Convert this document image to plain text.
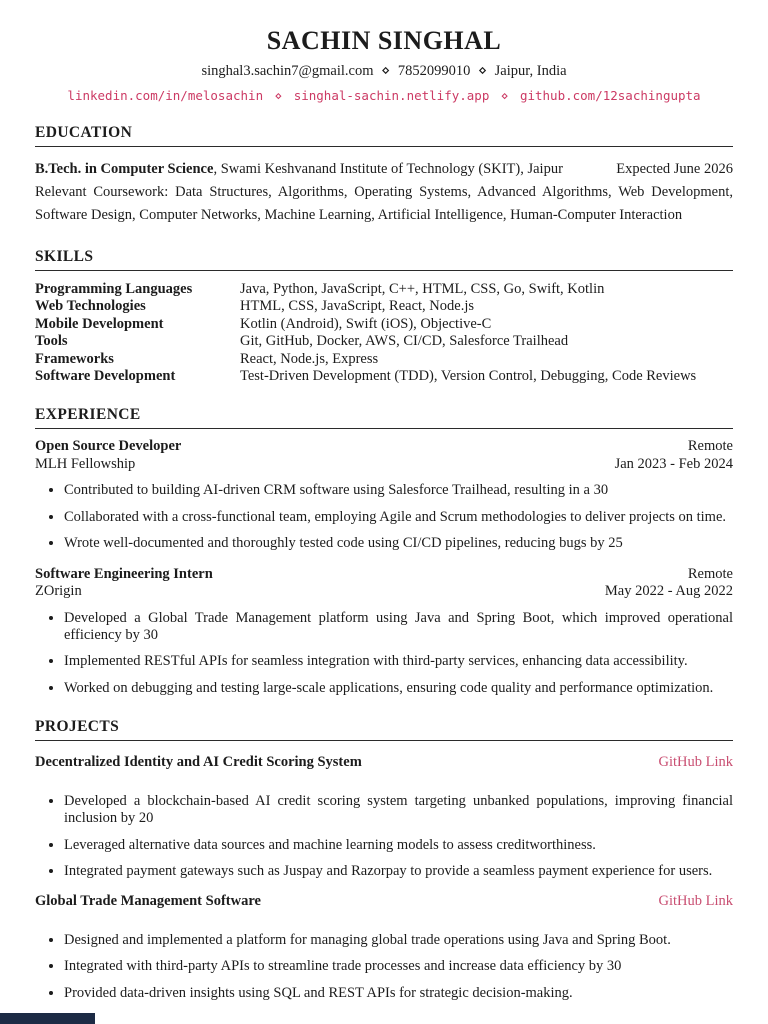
SACHIN SINGHAL
singhal3.sachin7@gmail.com ⋄ 7852099010 ⋄ Jaipur, India
linkedin.com/in/melosachin ⋄ singhal-sachin.netlify.app ⋄ github.com/12sachingupta
EDUCATION
B.Tech. in Computer Science, Swami Keshvanand Institute of Technology (SKIT), Jaipur	Expected June 2026
Relevant Coursework: Data Structures, Algorithms, Operating Systems, Advanced Algorithms, Web Development, Software Design, Computer Networks, Machine Learning, Artificial Intelligence, Human-Computer Interaction
SKILLS
Programming Languages	Java, Python, JavaScript, C++, HTML, CSS, Go, Swift, Kotlin
Web Technologies	HTML, CSS, JavaScript, React, Node.js
Mobile Development	Kotlin (Android), Swift (iOS), Objective-C
Tools	Git, GitHub, Docker, AWS, CI/CD, Salesforce Trailhead
Frameworks	React, Node.js, Express
Software Development	Test-Driven Development (TDD), Version Control, Debugging, Code Reviews
EXPERIENCE
Open Source Developer	Remote
MLH Fellowship	Jan 2023 - Feb 2024
• Contributed to building AI-driven CRM software using Salesforce Trailhead, resulting in a 30
• Collaborated with a cross-functional team, employing Agile and Scrum methodologies to deliver projects on time.
• Wrote well-documented and thoroughly tested code using CI/CD pipelines, reducing bugs by 25
Software Engineering Intern	Remote
ZOrigin	May 2022 - Aug 2022
• Developed a Global Trade Management platform using Java and Spring Boot, which improved operational efficiency by 30
• Implemented RESTful APIs for seamless integration with third-party services, enhancing data accessibility.
• Worked on debugging and testing large-scale applications, ensuring code quality and performance optimization.
PROJECTS
Decentralized Identity and AI Credit Scoring System	GitHub Link
• Developed a blockchain-based AI credit scoring system targeting unbanked populations, improving financial inclusion by 20
• Leveraged alternative data sources and machine learning models to assess creditworthiness.
• Integrated payment gateways such as Juspay and Razorpay to provide a seamless payment experience for users.
Global Trade Management Software	GitHub Link
• Designed and implemented a platform for managing global trade operations using Java and Spring Boot.
• Integrated with third-party APIs to streamline trade processes and increase data efficiency by 30
• Provided data-driven insights using SQL and REST APIs for strategic decision-making.
